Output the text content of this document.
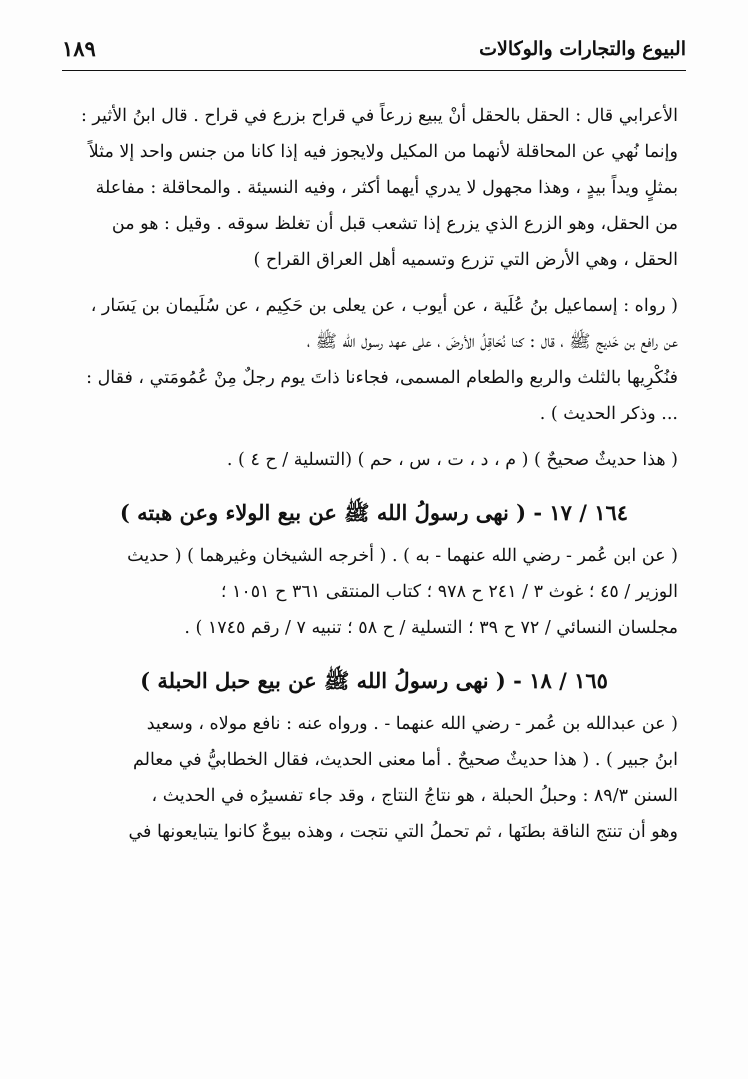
البيوع والتجارات والوكالات
١٨٩

الأعرابي قال : الحقل بالحقل أنْ يبيع زرعاً في قراح بزرع في قراح . قال ابنُ الأثير :

وإنما نُهي عن المحاقلة لأنهما من المكيل ولايجوز فيه إذا كانا من جنس واحد إلا مثلاً

بمثلٍ ويداً بيدٍ ، وهذا مجهول لا يدري أيهما أكثر ، وفيه النسيئة . والمحاقلة : مفاعلة

من الحقل، وهو الزرع الذي يزرع إذا تشعب قبل أن تغلظ سوقه . وقيل : هو من

الحقل ، وهي الأرض التي تزرع وتسميه أهل العراق القراح )

( رواه : إسماعيل بنُ عُلَية ، عن أيوب ، عن يعلى بن حَكِيم ، عن سُلَيمان بن يَسَار ،

عن رافع بن خَديج ﷺ ، قال : كنا نُحَاقِلُ الأرضَ ، على عهد رسول الله ﷺ ،

فنُكْرِيها بالثلث والربع والطعام المسمى، فجاءنا ذاتَ يوم رجلٌ مِنْ عُمُومَتي ، فقال :

... وذكر الحديث ) .

( هذا حديثٌ صحيحٌ ) ( م ، د ، ت ، س ، حم ) (التسلية / ح ٤ ) .

١٦٤ / ١٧ - ( نهى رسولُ الله ﷺ عن بيع الولاء وعن هبته )

( عن ابن عُمر - رضي الله عنهما - به ) . ( أخرجه الشيخان وغيرهما ) ( حديث

الوزير / ٤٥ ؛ غوث ٣ / ٢٤١ ح ٩٧٨ ؛ كتاب المنتقى ٣٦١ ح ١٠٥١ ؛

مجلسان النسائي / ٧٢ ح ٣٩ ؛ التسلية / ح ٥٨ ؛ تنبيه ٧ / رقم ١٧٤٥ ) .

١٦٥ / ١٨ - ( نهى رسولُ الله ﷺ عن بيع حبل الحبلة )

( عن عبدالله بن عُمر - رضي الله عنهما - . ورواه عنه : نافع مولاه ، وسعيد

ابنُ جبير ) . ( هذا حديثٌ صحيحٌ . أما معنى الحديث، فقال الخطابيُّ في معالم

السنن ٨٩/٣ : وحبلُ الحبلة ، هو نتاجُ النتاج ، وقد جاء تفسيرُه في الحديث ،

وهو أن تنتج الناقة بطنَها ، ثم تحملُ التي نتجت ، وهذه بيوعٌ كانوا يتبايعونها في
